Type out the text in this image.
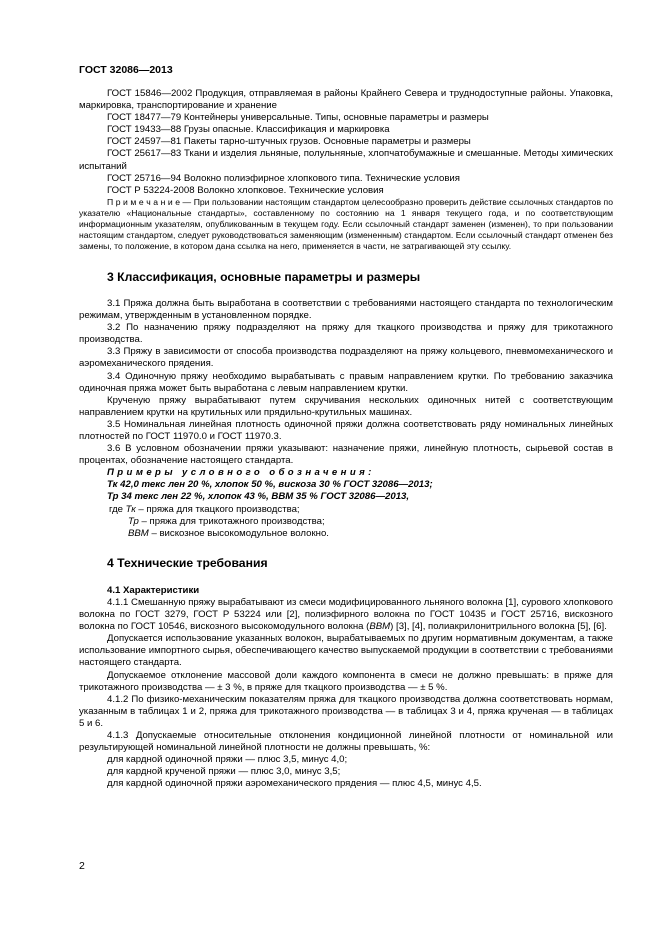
ГОСТ 32086—2013

ГОСТ 15846—2002 Продукция, отправляемая в районы Крайнего Севера и труднодоступные районы. Упаковка, маркировка, транспортирование и хранение

ГОСТ 18477—79 Контейнеры универсальные. Типы, основные параметры и размеры

ГОСТ 19433—88 Грузы опасные. Классификация и маркировка

ГОСТ 24597—81 Пакеты тарно-штучных грузов. Основные параметры и размеры

ГОСТ 25617—83 Ткани и изделия льняные, полульняные, хлопчатобумажные и смешанные. Методы химических испытаний

ГОСТ 25716—94 Волокно полиэфирное хлопкового типа. Технические условия

ГОСТ Р 53224-2008 Волокно хлопковое. Технические условия

П р и м е ч а н и е — При пользовании настоящим стандартом целесообразно проверить действие ссылочных стандартов по указателю «Национальные стандарты», составленному по состоянию на 1 января текущего года, и по соответствующим информационным указателям, опубликованным в текущем году. Если ссылочный стандарт заменен (изменен), то при пользовании настоящим стандартом, следует руководствоваться заменяющим (измененным) стандартом. Если ссылочный стандарт отменен без замены, то положение, в котором дана ссылка на него, применяется в части, не затрагивающей эту ссылку.

3 Классификация, основные параметры и размеры

3.1 Пряжа должна быть выработана в соответствии с требованиями настоящего стандарта по технологическим режимам, утвержденным в установленном порядке.

3.2 По назначению пряжу подразделяют на пряжу для ткацкого производства и пряжу для трикотажного производства.

3.3 Пряжу в зависимости от способа производства подразделяют на пряжу кольцевого, пневмомеханического и аэромеханического прядения.

3.4 Одиночную пряжу необходимо вырабатывать с правым направлением крутки. По требованию заказчика одиночная пряжа может быть выработана с левым направлением крутки.

Крученую пряжу вырабатывают путем скручивания нескольких одиночных нитей с соответствующим направлением крутки на крутильных или прядильно-крутильных машинах.

3.5 Номинальная линейная плотность одиночной пряжи должна соответствовать ряду номинальных линейных плотностей по ГОСТ 11970.0 и ГОСТ 11970.3.

3.6 В условном обозначении пряжи указывают: назначение пряжи, линейную плотность, сырьевой состав в процентах, обозначение настоящего стандарта.

Примеры условного обозначения:

Тк 42,0 текс лен 20 %, хлопок 50 %, вискоза 30 % ГОСТ 32086—2013;

Тр 34 текс лен 22 %, хлопок 43 %, ВВМ 35 % ГОСТ 32086—2013,

где Тк – пряжа для ткацкого производства;

Тр – пряжа для трикотажного производства;

ВВМ – вискозное высокомодульное волокно.

4 Технические требования

4.1 Характеристики

4.1.1 Смешанную пряжу вырабатывают из смеси модифицированного льняного волокна [1], сурового хлопкового волокна по ГОСТ 3279, ГОСТ Р 53224 или [2], полиэфирного волокна по ГОСТ 10435 и ГОСТ 25716, вискозного волокна по ГОСТ 10546, вискозного высокомодульного волокна (ВВМ) [3], [4], полиакрилонитрильного волокна [5], [6].

Допускается использование указанных волокон, вырабатываемых по другим нормативным документам, а также использование импортного сырья, обеспечивающего качество выпускаемой продукции в соответствии с требованиями настоящего стандарта.

Допускаемое отклонение массовой доли каждого компонента в смеси не должно превышать: в пряже для трикотажного производства — ± 3 %, в пряже для ткацкого производства — ± 5 %.

4.1.2 По физико-механическим показателям пряжа для ткацкого производства должна соответствовать нормам, указанным в таблицах 1 и 2, пряжа для трикотажного производства — в таблицах 3 и 4, пряжа крученая — в таблицах 5 и 6.

4.1.3 Допускаемые относительные отклонения кондиционной линейной плотности от номинальной или результирующей номинальной линейной плотности не должны превышать, %:

для кардной одиночной пряжи — плюс 3,5, минус 4,0;

для кардной крученой пряжи — плюс 3,0, минус 3,5;

для кардной одиночной пряжи аэромеханического прядения — плюс 4,5, минус 4,5.

2
